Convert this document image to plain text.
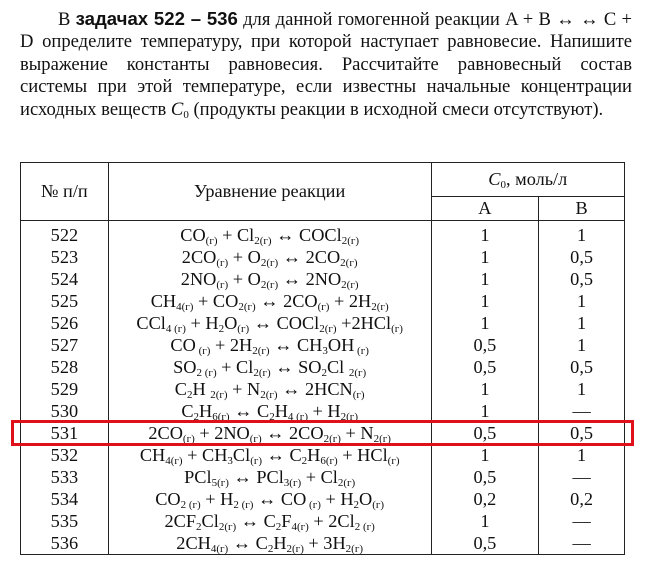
В задачах 522 – 536 для данной гомогенной реакции A + B ↔ ↔ C + D определите температуру, при которой наступает равновесие. Напишите выражение константы равновесия. Рассчитайте равновесный состав системы при этой температуре, если известны начальные концентрации исходных веществ $C_0$ (продукты реакции в исходной смеси отсутствуют).

№ п/п	Уравнение реакции	$C_0$, моль/л	
		A	B
522	$CO_{(г)} + Cl_{2(г)}$ ↔ COCl$_{2(г)}$	1	1
523	$2CO_{(г)} + O_{2(г)}$ ↔ $2CO_{2(г)}$	1	0,5
524	$2NO_{(г)} + O_{2(г)}$ ↔ $2NO_{2(г)}$	1	0,5
525	$CH_{4(г)} + CO_{2(г)}$ ↔ $2CO_{(г)} + 2H_{2(г)}$	1	1
526	$CCl_{4 (г)} + H_2O_{(г)}$ ↔ COCl$_{2(г)}$ +2HCl$_{(г)}$	1	1
527	CO $_{(г)} + 2H_{2(г)}$ ↔ $CH_3OH$ $_{(г)}$	0,5	1
528	$SO_{2 (г)} + Cl_{2(г)}$ ↔ $SO_2Cl$ $_{2(г)}$	0,5	0,5
529	$C_2H$ $_{2(г)} + N_{2(г)}$ ↔ $2HCN_{(г)}$	1	1
530	$C_2H_{6(г)}$ ↔ $C_2H_{4 (г)} + H_{2(г)}$	1	—
531	$2CO_{(г)} + 2NO_{(г)}$ ↔ $2CO_{2(г)} + N_{2(г)}$	0,5	0,5
532	$CH_{4(г)} + CH_3Cl_{(г)}$ ↔ $C_2H_{6(г)} + HCl_{(г)}$	1	1
533	PCl$_{5(г)}$ ↔ $PCl_{3(г)} + Cl_{2(г)}$	0,5	—
534	$CO_{2 (г)} + H_{2 (г)}$ ↔ CO $_{(г)} + H_2O_{(г)}$	0,2	0,2
535	$2CF_2Cl_{2(г)}$ ↔ $C_2F_{4(г)} + 2Cl_{2 (г)}$	1	—
536	$2CH_{4(г)}$ ↔ $C_2H_{2(г)} + 3H_{2(г)}$	0,5	—
